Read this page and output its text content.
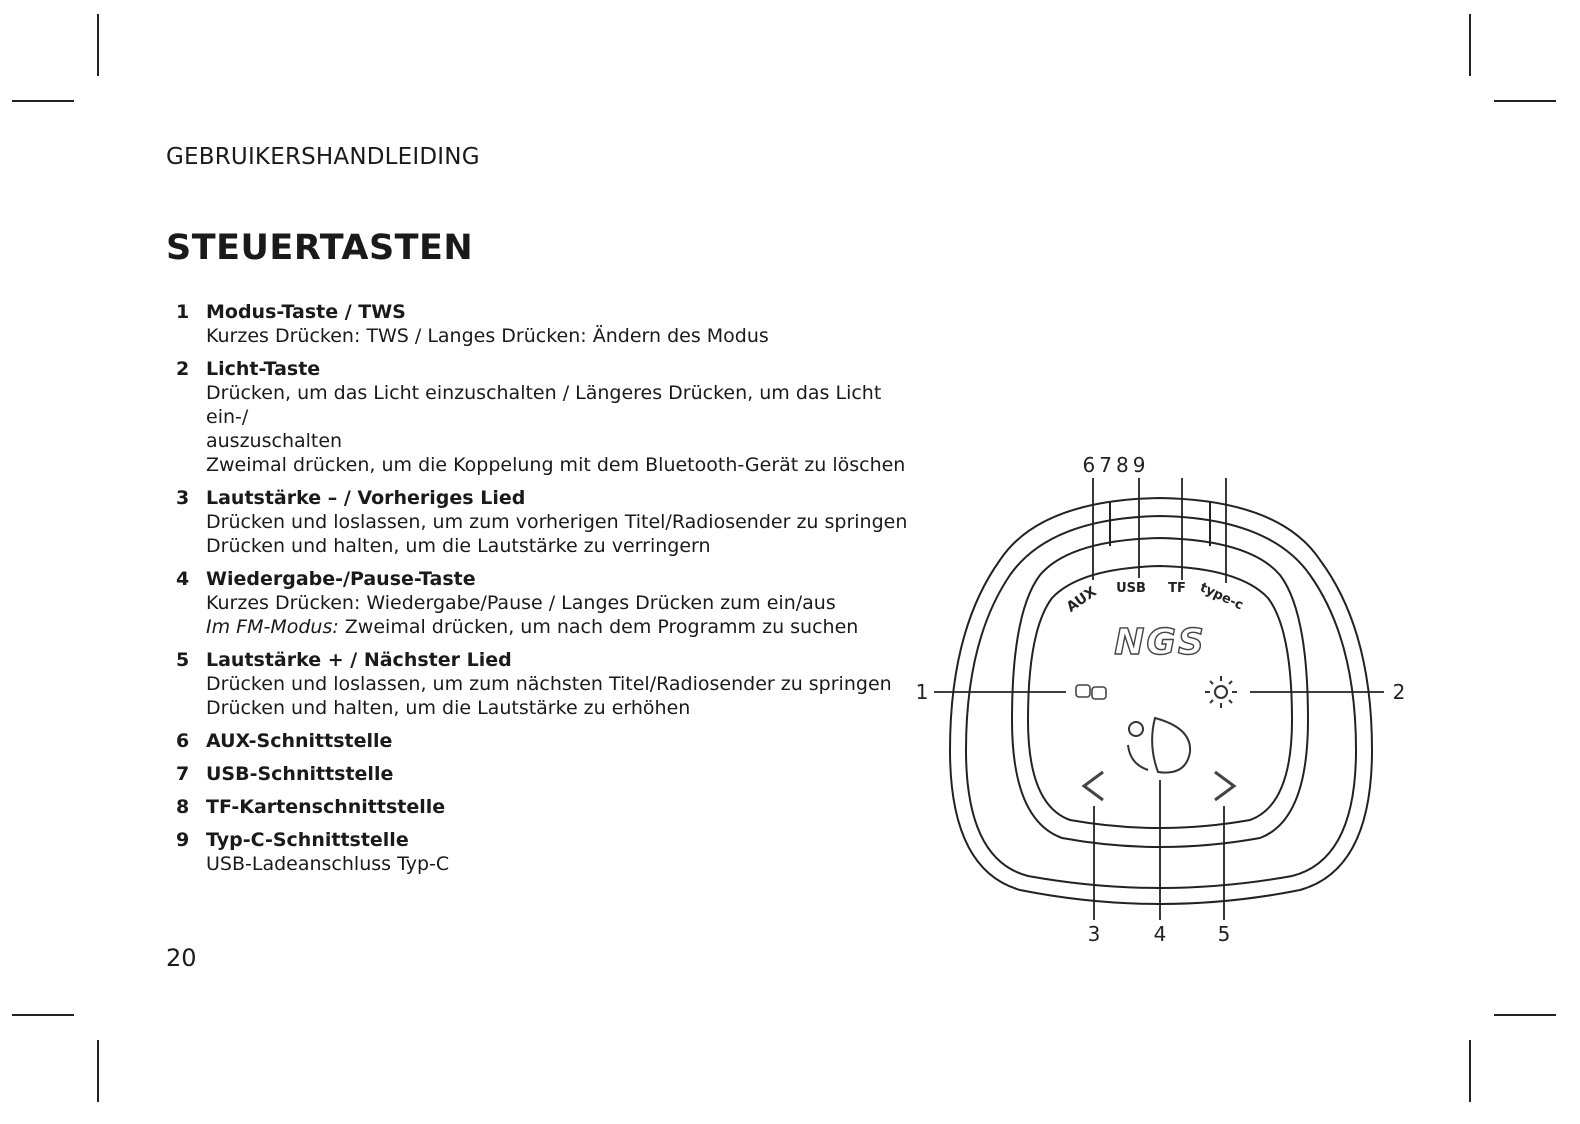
GEBRUIKERSHANDLEIDING
STEUERTASTEN
1 Modus-Taste / TWS
Kurzes Drücken: TWS / Langes Drücken: Ändern des Modus
2 Licht-Taste
Drücken, um das Licht einzuschalten / Längeres Drücken, um das Licht ein-/
auszuschalten
Zweimal drücken, um die Koppelung mit dem Bluetooth-Gerät zu löschen
3 Lautstärke – / Vorheriges Lied
Drücken und loslassen, um zum vorherigen Titel/Radiosender zu springen
Drücken und halten, um die Lautstärke zu verringern
4 Wiedergabe-/Pause-Taste
Kurzes Drücken: Wiedergabe/Pause / Langes Drücken zum ein/aus
Im FM-Modus: Zweimal drücken, um nach dem Programm zu suchen
5 Lautstärke + / Nächster Lied
Drücken und loslassen, um zum nächsten Titel/Radiosender zu springen
Drücken und halten, um die Lautstärke zu erhöhen
6 AUX-Schnittstelle
7 USB-Schnittstelle
8 TF-Kartenschnittstelle
9 Typ-C-Schnittstelle
USB-Ladeanschluss Typ-C
20
AUX USB TF type-c
NGS
6789
1	2
3	4	5
